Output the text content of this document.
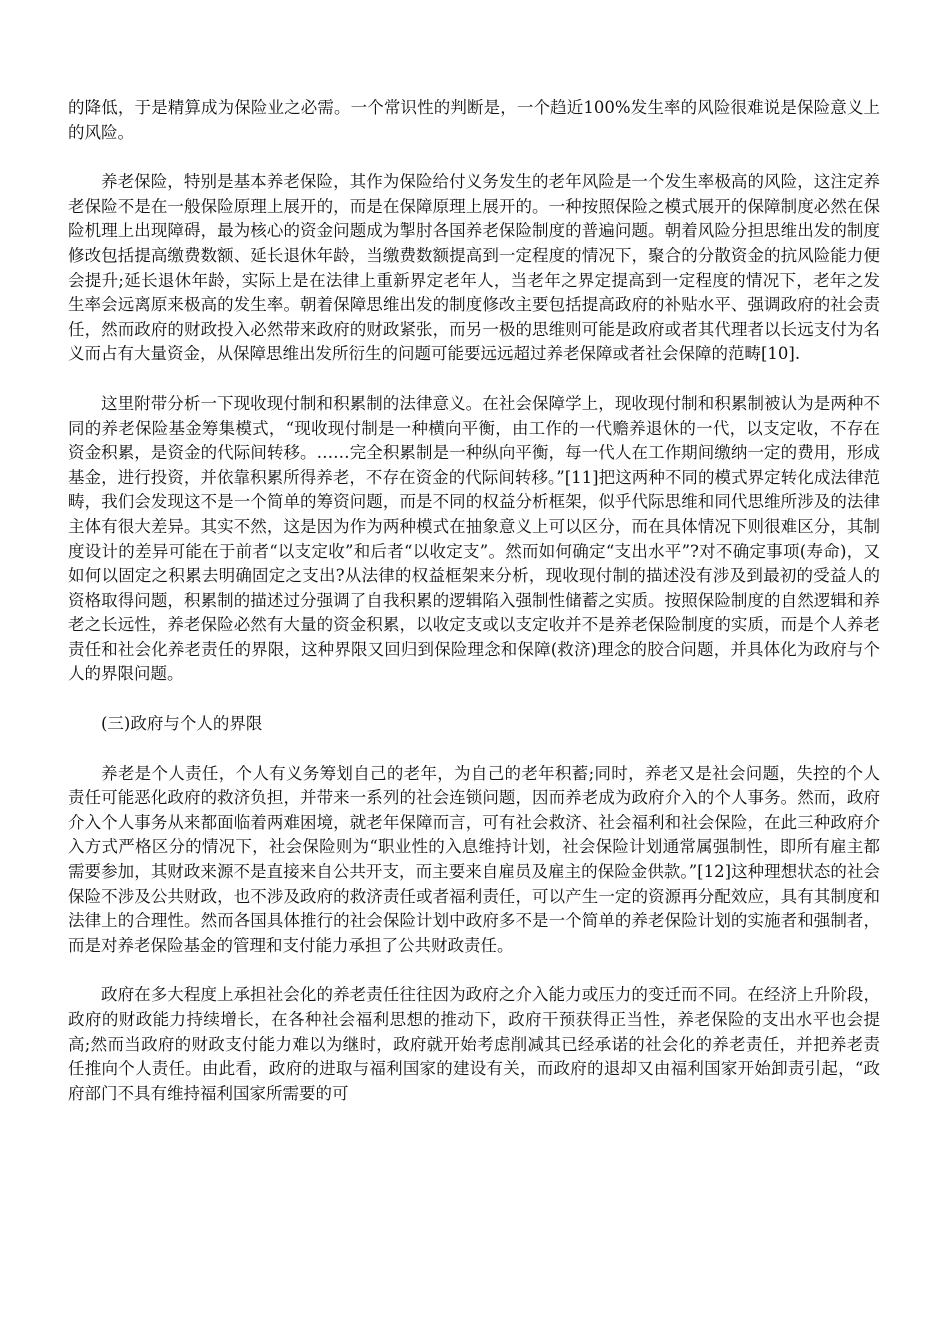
的降低，于是精算成为保险业之必需。一个常识性的判断是，一个趋近100%发生率的风险很难说是保险意义上的风险。

养老保险，特别是基本养老保险，其作为保险给付义务发生的老年风险是一个发生率极高的风险，这注定养老保险不是在一般保险原理上展开的，而是在保障原理上展开的。一种按照保险之模式展开的保障制度必然在保险机理上出现障碍，最为核心的资金问题成为掣肘各国养老保险制度的普遍问题。朝着风险分担思维出发的制度修改包括提高缴费数额、延长退休年龄，当缴费数额提高到一定程度的情况下，聚合的分散资金的抗风险能力便会提升;延长退休年龄，实际上是在法律上重新界定老年人，当老年之界定提高到一定程度的情况下，老年之发生率会远离原来极高的发生率。朝着保障思维出发的制度修改主要包括提高政府的补贴水平、强调政府的社会责任，然而政府的财政投入必然带来政府的财政紧张，而另一极的思维则可能是政府或者其代理者以长远支付为名义而占有大量资金，从保障思维出发所衍生的问题可能要远远超过养老保障或者社会保障的范畴[10].

这里附带分析一下现收现付制和积累制的法律意义。在社会保障学上，现收现付制和积累制被认为是两种不同的养老保险基金筹集模式，“现收现付制是一种横向平衡，由工作的一代赡养退休的一代，以支定收，不存在资金积累，是资金的代际间转移。……完全积累制是一种纵向平衡，每一代人在工作期间缴纳一定的费用，形成基金，进行投资，并依靠积累所得养老，不存在资金的代际间转移。”[11]把这两种不同的模式界定转化成法律范畴，我们会发现这不是一个简单的筹资问题，而是不同的权益分析框架，似乎代际思维和同代思维所涉及的法律主体有很大差异。其实不然，这是因为作为两种模式在抽象意义上可以区分，而在具体情况下则很难区分，其制度设计的差异可能在于前者“以支定收”和后者“以收定支”。然而如何确定“支出水平”?对不确定事项(寿命)，又如何以固定之积累去明确固定之支出?从法律的权益框架来分析，现收现付制的描述没有涉及到最初的受益人的资格取得问题，积累制的描述过分强调了自我积累的逻辑陷入强制性储蓄之实质。按照保险制度的自然逻辑和养老之长远性，养老保险必然有大量的资金积累，以收定支或以支定收并不是养老保险制度的实质，而是个人养老责任和社会化养老责任的界限，这种界限又回归到保险理念和保障(救济)理念的胶合问题，并具体化为政府与个人的界限问题。

(三)政府与个人的界限

养老是个人责任，个人有义务筹划自己的老年，为自己的老年积蓄;同时，养老又是社会问题，失控的个人责任可能恶化政府的救济负担，并带来一系列的社会连锁问题，因而养老成为政府介入的个人事务。然而，政府介入个人事务从来都面临着两难困境，就老年保障而言，可有社会救济、社会福利和社会保险，在此三种政府介入方式严格区分的情况下，社会保险则为“职业性的入息维持计划，社会保险计划通常属强制性，即所有雇主都需要参加，其财政来源不是直接来自公共开支，而主要来自雇员及雇主的保险金供款。”[12]这种理想状态的社会保险不涉及公共财政，也不涉及政府的救济责任或者福利责任，可以产生一定的资源再分配效应，具有其制度和法律上的合理性。然而各国具体推行的社会保险计划中政府多不是一个简单的养老保险计划的实施者和强制者，而是对养老保险基金的管理和支付能力承担了公共财政责任。

政府在多大程度上承担社会化的养老责任往往因为政府之介入能力或压力的变迁而不同。在经济上升阶段，政府的财政能力持续增长，在各种社会福利思想的推动下，政府干预获得正当性，养老保险的支出水平也会提高;然而当政府的财政支付能力难以为继时，政府就开始考虑削减其已经承诺的社会化的养老责任，并把养老责任推向个人责任。由此看，政府的进取与福利国家的建设有关，而政府的退却又由福利国家开始卸责引起，“政府部门不具有维持福利国家所需要的可
